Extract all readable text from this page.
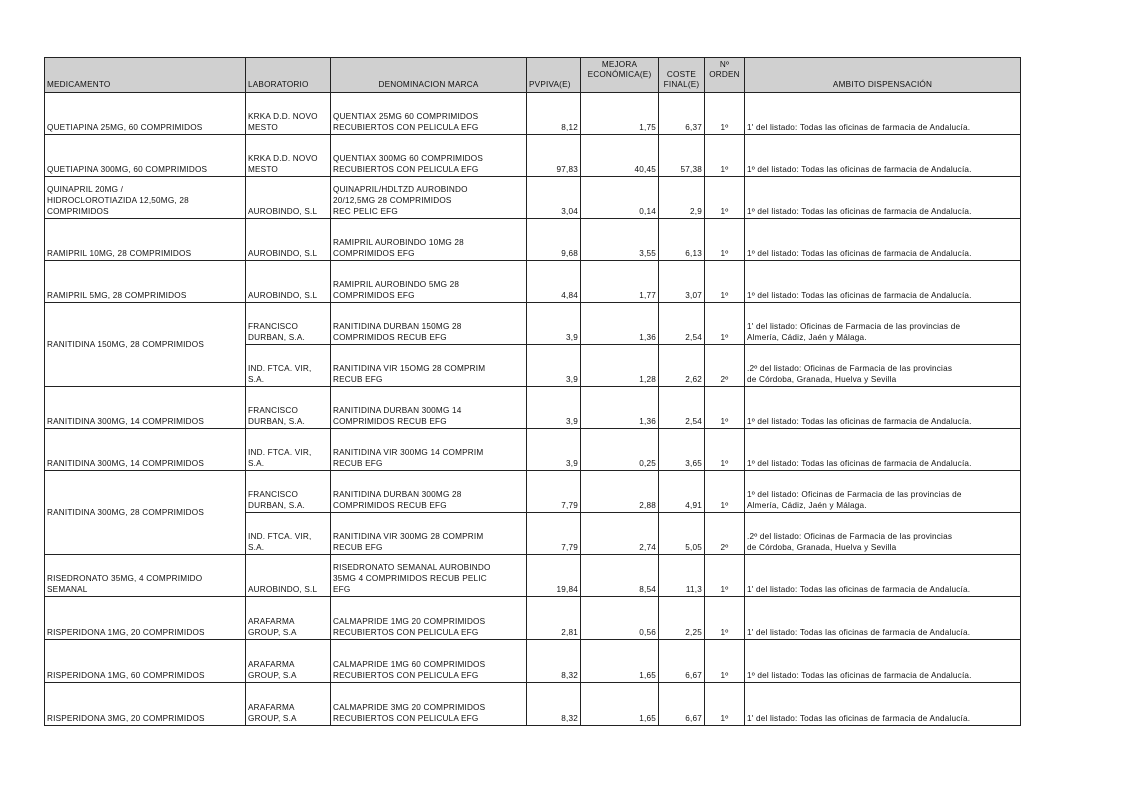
MEDICAMENTO	LABORATORIO	DENOMINACION MARCA	PVPIVA(E)	MEJORA
ECONÓMICA(E)	COSTE
FINAL(E)	Nº
ORDEN	AMBITO DISPENSACIÓN

QUETIAPINA 25MG, 60 COMPRIMIDOS	KRKA D.D. NOVO
MESTO	QUENTIAX 25MG 60 COMPRIMIDOS
RECUBIERTOS CON PELICULA EFG	8,12	1,75	6,37	1º	1' del listado: Todas las oficinas de farmacia de Andalucía.

QUETIAPINA 300MG, 60 COMPRIMIDOS	KRKA D.D. NOVO
MESTO	QUENTIAX 300MG 60 COMPRIMIDOS
RECUBIERTOS CON PELICULA EFG	97,83	40,45	57,38	1º	1º del listado: Todas las oficinas de farmacia de Andalucía.

QUINAPRIL 20MG /
HIDROCLOROTIAZIDA 12,50MG, 28
COMPRIMIDOS	AUROBINDO, S.L	QUINAPRIL/HDLTZD AUROBINDO
20/12,5MG 28 COMPRIMIDOS
REC PELIC EFG	3,04	0,14	2,9	1º	1º del listado: Todas las oficinas de farmacia de Andalucía.

RAMIPRIL 10MG, 28 COMPRIMIDOS	AUROBINDO, S.L	RAMIPRIL AUROBINDO 10MG 28
COMPRIMIDOS EFG	9,68	3,55	6,13	1º	1º del listado: Todas las oficinas de farmacia de Andalucía.

RAMIPRIL 5MG, 28 COMPRIMIDOS	AUROBINDO, S.L	RAMIPRIL AUROBINDO 5MG 28
COMPRIMIDOS EFG	4,84	1,77	3,07	1º	1º del listado: Todas las oficinas de farmacia de Andalucía.

RANITIDINA 150MG, 28 COMPRIMIDOS	FRANCISCO
DURBAN, S.A.	RANITIDINA DURBAN 150MG 28
COMPRIMIDOS RECUB EFG	3,9	1,36	2,54	1º	1' del listado: Oficinas de Farmacia de las provincias de
Almería, Cádiz, Jaén y Málaga.

	IND. FTCA. VIR,
S.A.	RANITIDINA VIR 15OMG 28 COMPRIM
RECUB EFG	3,9	1,28	2,62	2º	.2º del listado: Oficinas de Farmacia de las provincias
de Córdoba, Granada, Huelva y Sevilla

RANITIDINA 300MG, 14 COMPRIMIDOS	FRANCISCO
DURBAN, S.A.	RANITIDINA DURBAN 300MG 14
COMPRIMIDOS RECUB EFG	3,9	1,36	2,54	1º	1º del listado: Todas las oficinas de farmacia de Andalucía.

RANITIDINA 300MG, 14 COMPRIMIDOS	IND. FTCA. VIR,
S.A.	RANITIDINA VIR 300MG 14 COMPRIM
RECUB EFG	3,9	0,25	3,65	1º	1º del listado: Todas las oficinas de farmacia de Andalucía.

RANITIDINA 300MG, 28 COMPRIMIDOS	FRANCISCO
DURBAN, S.A.	RANITIDINA DURBAN 300MG 28
COMPRIMIDOS RECUB EFG	7,79	2,88	4,91	1º	1º del listado: Oficinas de Farmacia de las provincias de
Almería, Cádiz, Jaén y Málaga.

	IND. FTCA. VIR,
S.A.	RANITIDINA VIR 300MG 28 COMPRIM
RECUB EFG	7,79	2,74	5,05	2º	.2º del listado: Oficinas de Farmacia de las provincias
de Córdoba, Granada, Huelva y Sevilla

RISEDRONATO 35MG, 4 COMPRIMIDO
SEMANAL	AUROBINDO, S.L	RISEDRONATO SEMANAL AUROBINDO
35MG 4 COMPRIMIDOS RECUB PELIC
EFG	19,84	8,54	11,3	1º	1' del listado: Todas las oficinas de farmacia de Andalucía.

RISPERIDONA 1MG, 20 COMPRIMIDOS	ARAFARMA
GROUP, S.A	CALMAPRIDE 1MG 20 COMPRIMIDOS
RECUBIERTOS CON PELICULA EFG	2,81	0,56	2,25	1º	1' del listado: Todas las oficinas de farmacia de Andalucía.

RISPERIDONA 1MG, 60 COMPRIMIDOS	ARAFARMA
GROUP, S.A	CALMAPRIDE 1MG 60 COMPRIMIDOS
RECUBIERTOS CON PELICULA EFG	8,32	1,65	6,67	1º	1º del listado: Todas las oficinas de farmacia de Andalucía.

RISPERIDONA 3MG, 20 COMPRIMIDOS	ARAFARMA
GROUP, S.A	CALMAPRIDE 3MG 20 COMPRIMIDOS
RECUBIERTOS CON PELICULA EFG	8,32	1,65	6,67	1º	1' del listado: Todas las oficinas de farmacia de Andalucía.
